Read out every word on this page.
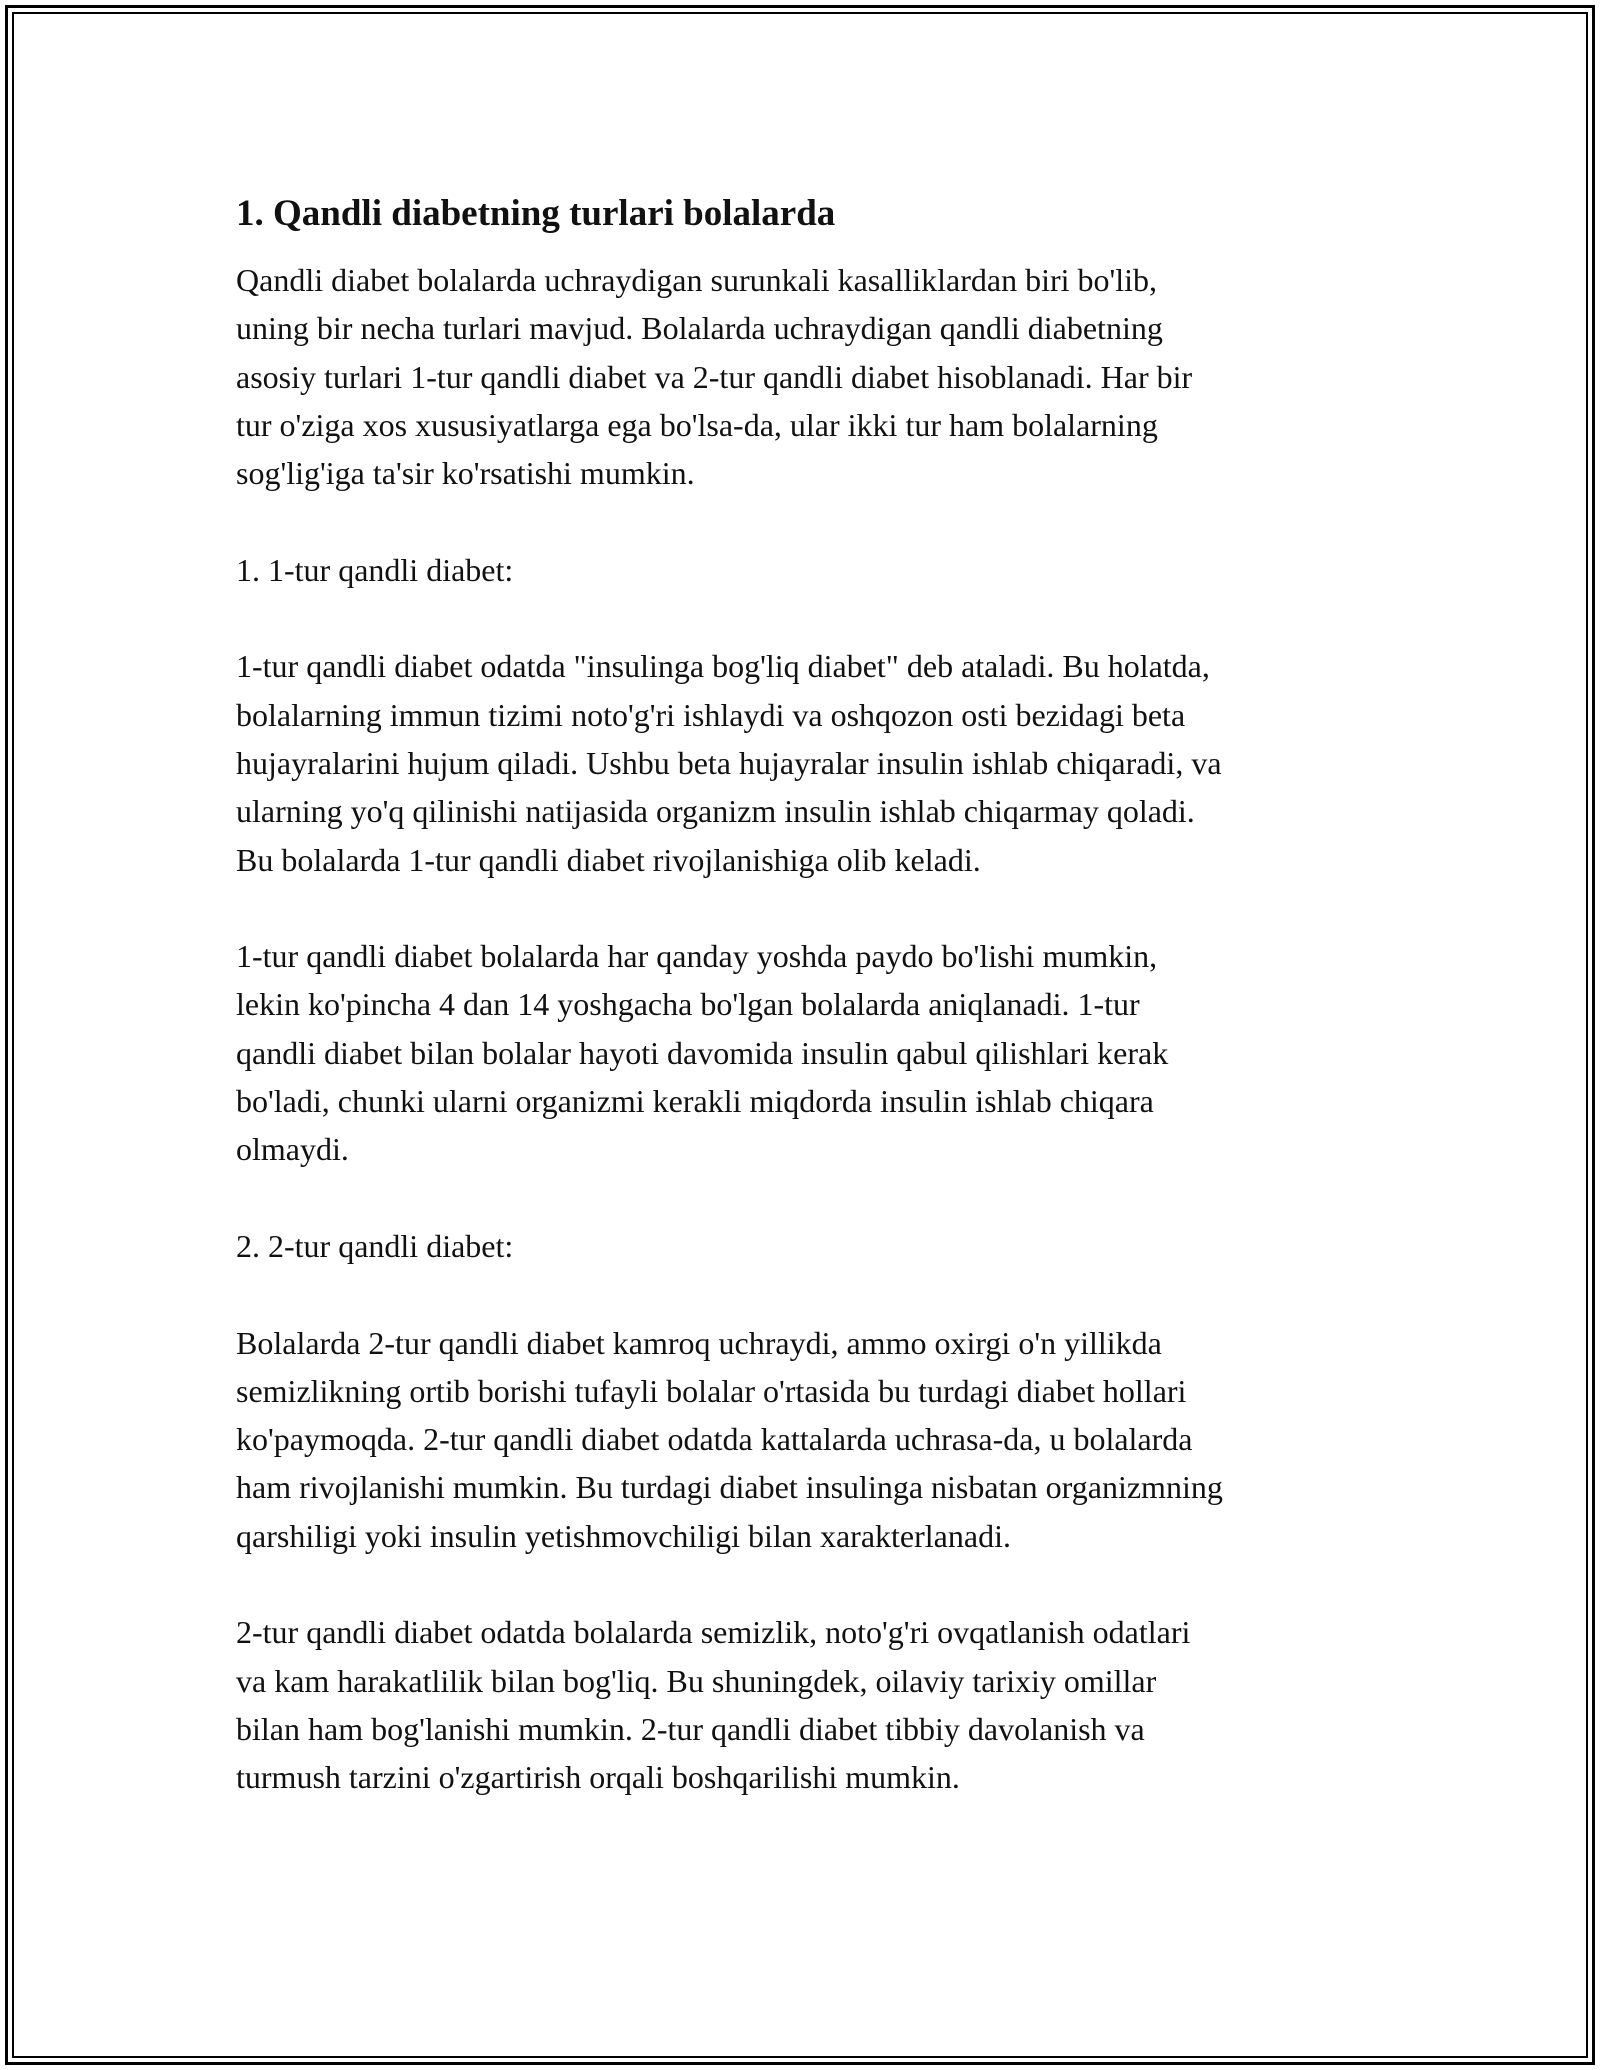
1. Qandli diabetning turlari bolalarda

Qandli diabet bolalarda uchraydigan surunkali kasalliklardan biri bo'lib,
uning bir necha turlari mavjud. Bolalarda uchraydigan qandli diabetning
asosiy turlari 1-tur qandli diabet va 2-tur qandli diabet hisoblanadi. Har bir
tur o'ziga xos xususiyatlarga ega bo'lsa-da, ular ikki tur ham bolalarning
sog'lig'iga ta'sir ko'rsatishi mumkin.

1. 1-tur qandli diabet:

1-tur qandli diabet odatda "insulinga bog'liq diabet" deb ataladi. Bu holatda,
bolalarning immun tizimi noto'g'ri ishlaydi va oshqozon osti bezidagi beta
hujayralarini hujum qiladi. Ushbu beta hujayralar insulin ishlab chiqaradi, va
ularning yo'q qilinishi natijasida organizm insulin ishlab chiqarmay qoladi.
Bu bolalarda 1-tur qandli diabet rivojlanishiga olib keladi.

1-tur qandli diabet bolalarda har qanday yoshda paydo bo'lishi mumkin,
lekin ko'pincha 4 dan 14 yoshgacha bo'lgan bolalarda aniqlanadi. 1-tur
qandli diabet bilan bolalar hayoti davomida insulin qabul qilishlari kerak
bo'ladi, chunki ularni organizmi kerakli miqdorda insulin ishlab chiqara
olmaydi.

2. 2-tur qandli diabet:

Bolalarda 2-tur qandli diabet kamroq uchraydi, ammo oxirgi o'n yillikda
semizlikning ortib borishi tufayli bolalar o'rtasida bu turdagi diabet hollari
ko'paymoqda. 2-tur qandli diabet odatda kattalarda uchrasa-da, u bolalarda
ham rivojlanishi mumkin. Bu turdagi diabet insulinga nisbatan organizmning
qarshiligi yoki insulin yetishmovchiligi bilan xarakterlanadi.

2-tur qandli diabet odatda bolalarda semizlik, noto'g'ri ovqatlanish odatlari
va kam harakatlilik bilan bog'liq. Bu shuningdek, oilaviy tarixiy omillar
bilan ham bog'lanishi mumkin. 2-tur qandli diabet tibbiy davolanish va
turmush tarzini o'zgartirish orqali boshqarilishi mumkin.
